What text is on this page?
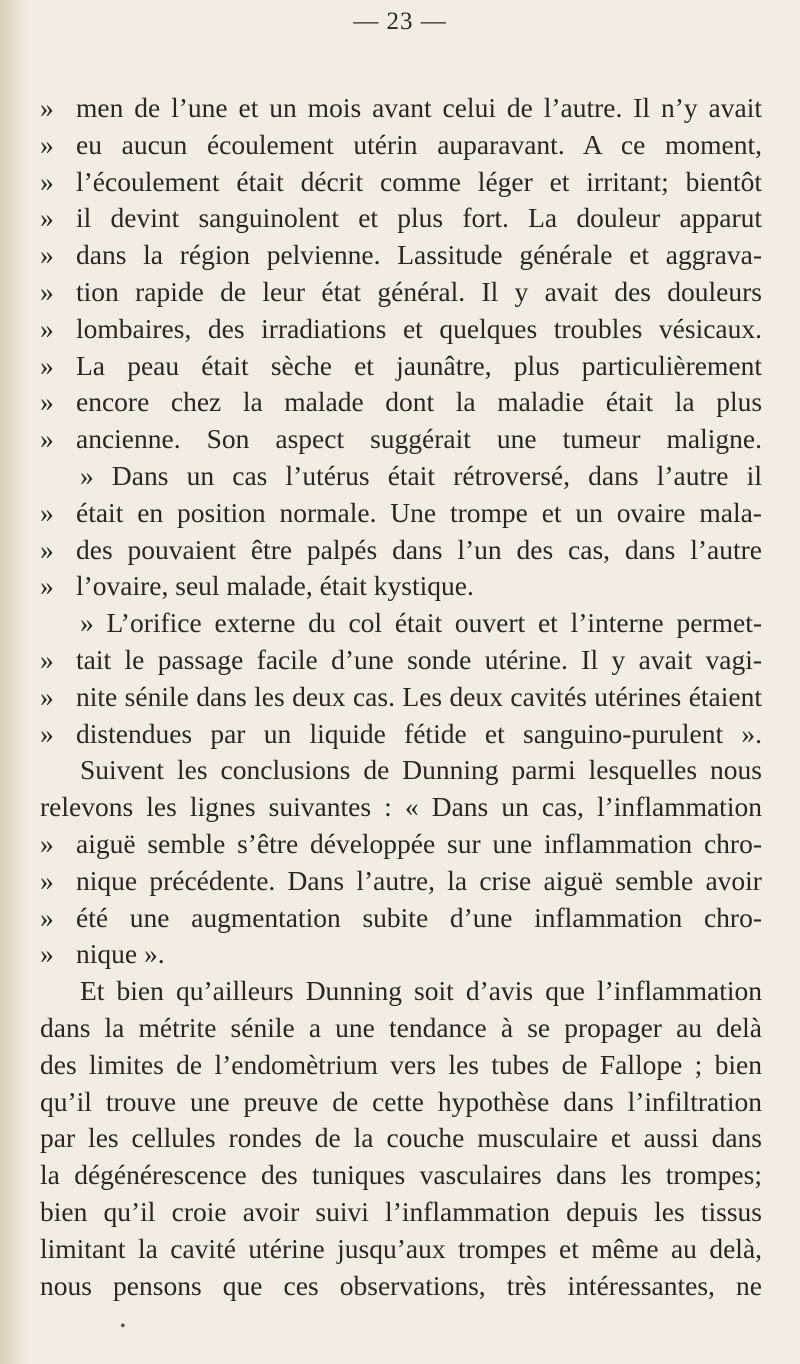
— 23 —
» men de l’une et un mois avant celui de l’autre. Il n’y avait
» eu aucun écoulement utérin auparavant. A ce moment,
» l’écoulement était décrit comme léger et irritant; bientôt
» il devint sanguinolent et plus fort. La douleur apparut
» dans la région pelvienne. Lassitude générale et aggrava-
» tion rapide de leur état général. Il y avait des douleurs
» lombaires, des irradiations et quelques troubles vésicaux.
» La peau était sèche et jaunâtre, plus particulièrement
» encore chez la malade dont la maladie était la plus
» ancienne. Son aspect suggérait une tumeur maligne.
» Dans un cas l’utérus était rétroversé, dans l’autre il
» était en position normale. Une trompe et un ovaire mala-
» des pouvaient être palpés dans l’un des cas, dans l’autre
» l’ovaire, seul malade, était kystique.
» L’orifice externe du col était ouvert et l’interne permet-
» tait le passage facile d’une sonde utérine. Il y avait vagi-
» nite sénile dans les deux cas. Les deux cavités utérines étaient
» distendues par un liquide fétide et sanguino-purulent ».
Suivent les conclusions de Dunning parmi lesquelles nous
relevons les lignes suivantes : « Dans un cas, l’inflammation
» aiguë semble s’être développée sur une inflammation chro-
» nique précédente. Dans l’autre, la crise aiguë semble avoir
» été une augmentation subite d’une inflammation chro-
» nique ».
Et bien qu’ailleurs Dunning soit d’avis que l’inflammation
dans la métrite sénile a une tendance à se propager au delà
des limites de l’endomètrium vers les tubes de Fallope ; bien
qu’il trouve une preuve de cette hypothèse dans l’infiltration
par les cellules rondes de la couche musculaire et aussi dans
la dégénérescence des tuniques vasculaires dans les trompes;
bien qu’il croie avoir suivi l’inflammation depuis les tissus
limitant la cavité utérine jusqu’aux trompes et même au delà,
nous pensons que ces observations, très intéressantes, ne
•
